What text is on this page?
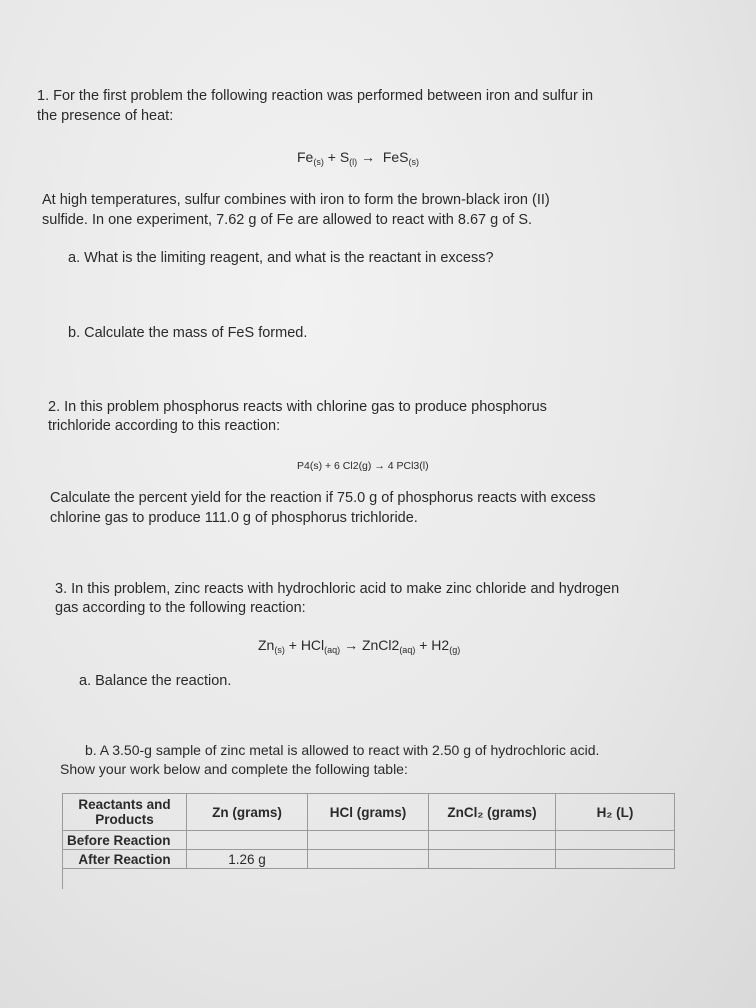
1. For the first problem the following reaction was performed between iron and sulfur in
the presence of heat:
$Fe_{(s)} + S_{(l)} \to FeS_{(s)}$
At high temperatures, sulfur combines with iron to form the brown-black iron (II)
sulfide. In one experiment, 7.62 g of Fe are allowed to react with 8.67 g of S.
a. What is the limiting reagent, and what is the reactant in excess?
b. Calculate the mass of FeS formed.
2. In this problem phosphorus reacts with chlorine gas to produce phosphorus
trichloride according to this reaction:
P4(s) + 6 Cl2(g) → 4 PCl3(l)
Calculate the percent yield for the reaction if 75.0 g of phosphorus reacts with excess
chlorine gas to produce 111.0 g of phosphorus trichloride.
3. In this problem, zinc reacts with hydrochloric acid to make zinc chloride and hydrogen
gas according to the following reaction:
$Zn_{(s)} + HCl_{(aq)}$ → $ZnCl2_{(aq)} + H2_{(g)}$
a. Balance the reaction.
b. A 3.50-g sample of zinc metal is allowed to react with 2.50 g of hydrochloric acid.
Show your work below and complete the following table:
Reactants and Products	Zn (grams)	HCl (grams)	ZnCl₂ (grams)	H₂ (L)
Before Reaction				
After Reaction	1.26 g			
